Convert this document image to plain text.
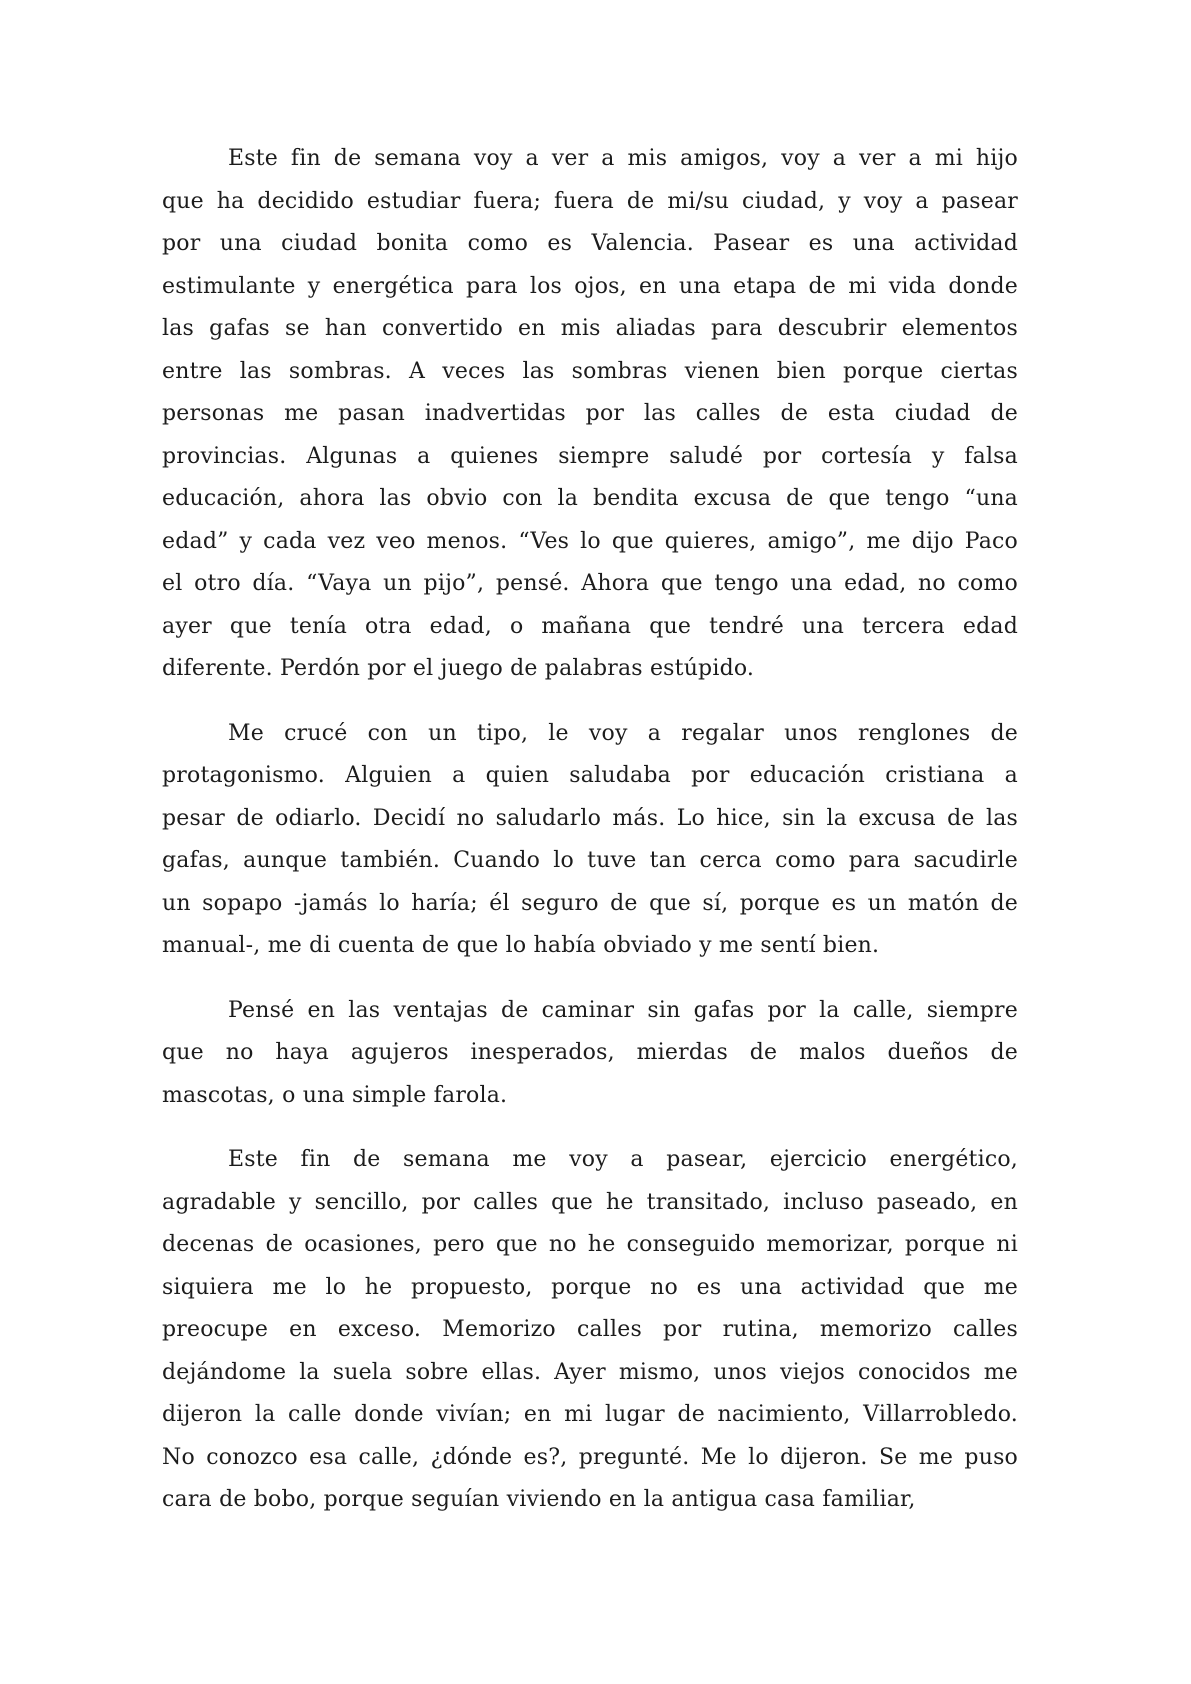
Este fin de semana voy a ver a mis amigos, voy a ver a mi hijo
que ha decidido estudiar fuera; fuera de mi/su ciudad, y voy a pasear
por una ciudad bonita como es Valencia. Pasear es una actividad
estimulante y energética para los ojos, en una etapa de mi vida donde
las gafas se han convertido en mis aliadas para descubrir elementos
entre las sombras. A veces las sombras vienen bien porque ciertas
personas me pasan inadvertidas por las calles de esta ciudad de
provincias. Algunas a quienes siempre saludé por cortesía y falsa
educación, ahora las obvio con la bendita excusa de que tengo “una
edad” y cada vez veo menos. “Ves lo que quieres, amigo”, me dijo Paco
el otro día. “Vaya un pijo”, pensé. Ahora que tengo una edad, no como
ayer que tenía otra edad, o mañana que tendré una tercera edad
diferente. Perdón por el juego de palabras estúpido.
Me crucé con un tipo, le voy a regalar unos renglones de
protagonismo. Alguien a quien saludaba por educación cristiana a
pesar de odiarlo. Decidí no saludarlo más. Lo hice, sin la excusa de las
gafas, aunque también. Cuando lo tuve tan cerca como para sacudirle
un sopapo -jamás lo haría; él seguro de que sí, porque es un matón de
manual-, me di cuenta de que lo había obviado y me sentí bien.
Pensé en las ventajas de caminar sin gafas por la calle, siempre
que no haya agujeros inesperados, mierdas de malos dueños de
mascotas, o una simple farola.
Este fin de semana me voy a pasear, ejercicio energético,
agradable y sencillo, por calles que he transitado, incluso paseado, en
decenas de ocasiones, pero que no he conseguido memorizar, porque ni
siquiera me lo he propuesto, porque no es una actividad que me
preocupe en exceso. Memorizo calles por rutina, memorizo calles
dejándome la suela sobre ellas. Ayer mismo, unos viejos conocidos me
dijeron la calle donde vivían; en mi lugar de nacimiento, Villarrobledo.
No conozco esa calle, ¿dónde es?, pregunté. Me lo dijeron. Se me puso
cara de bobo, porque seguían viviendo en la antigua casa familiar,
